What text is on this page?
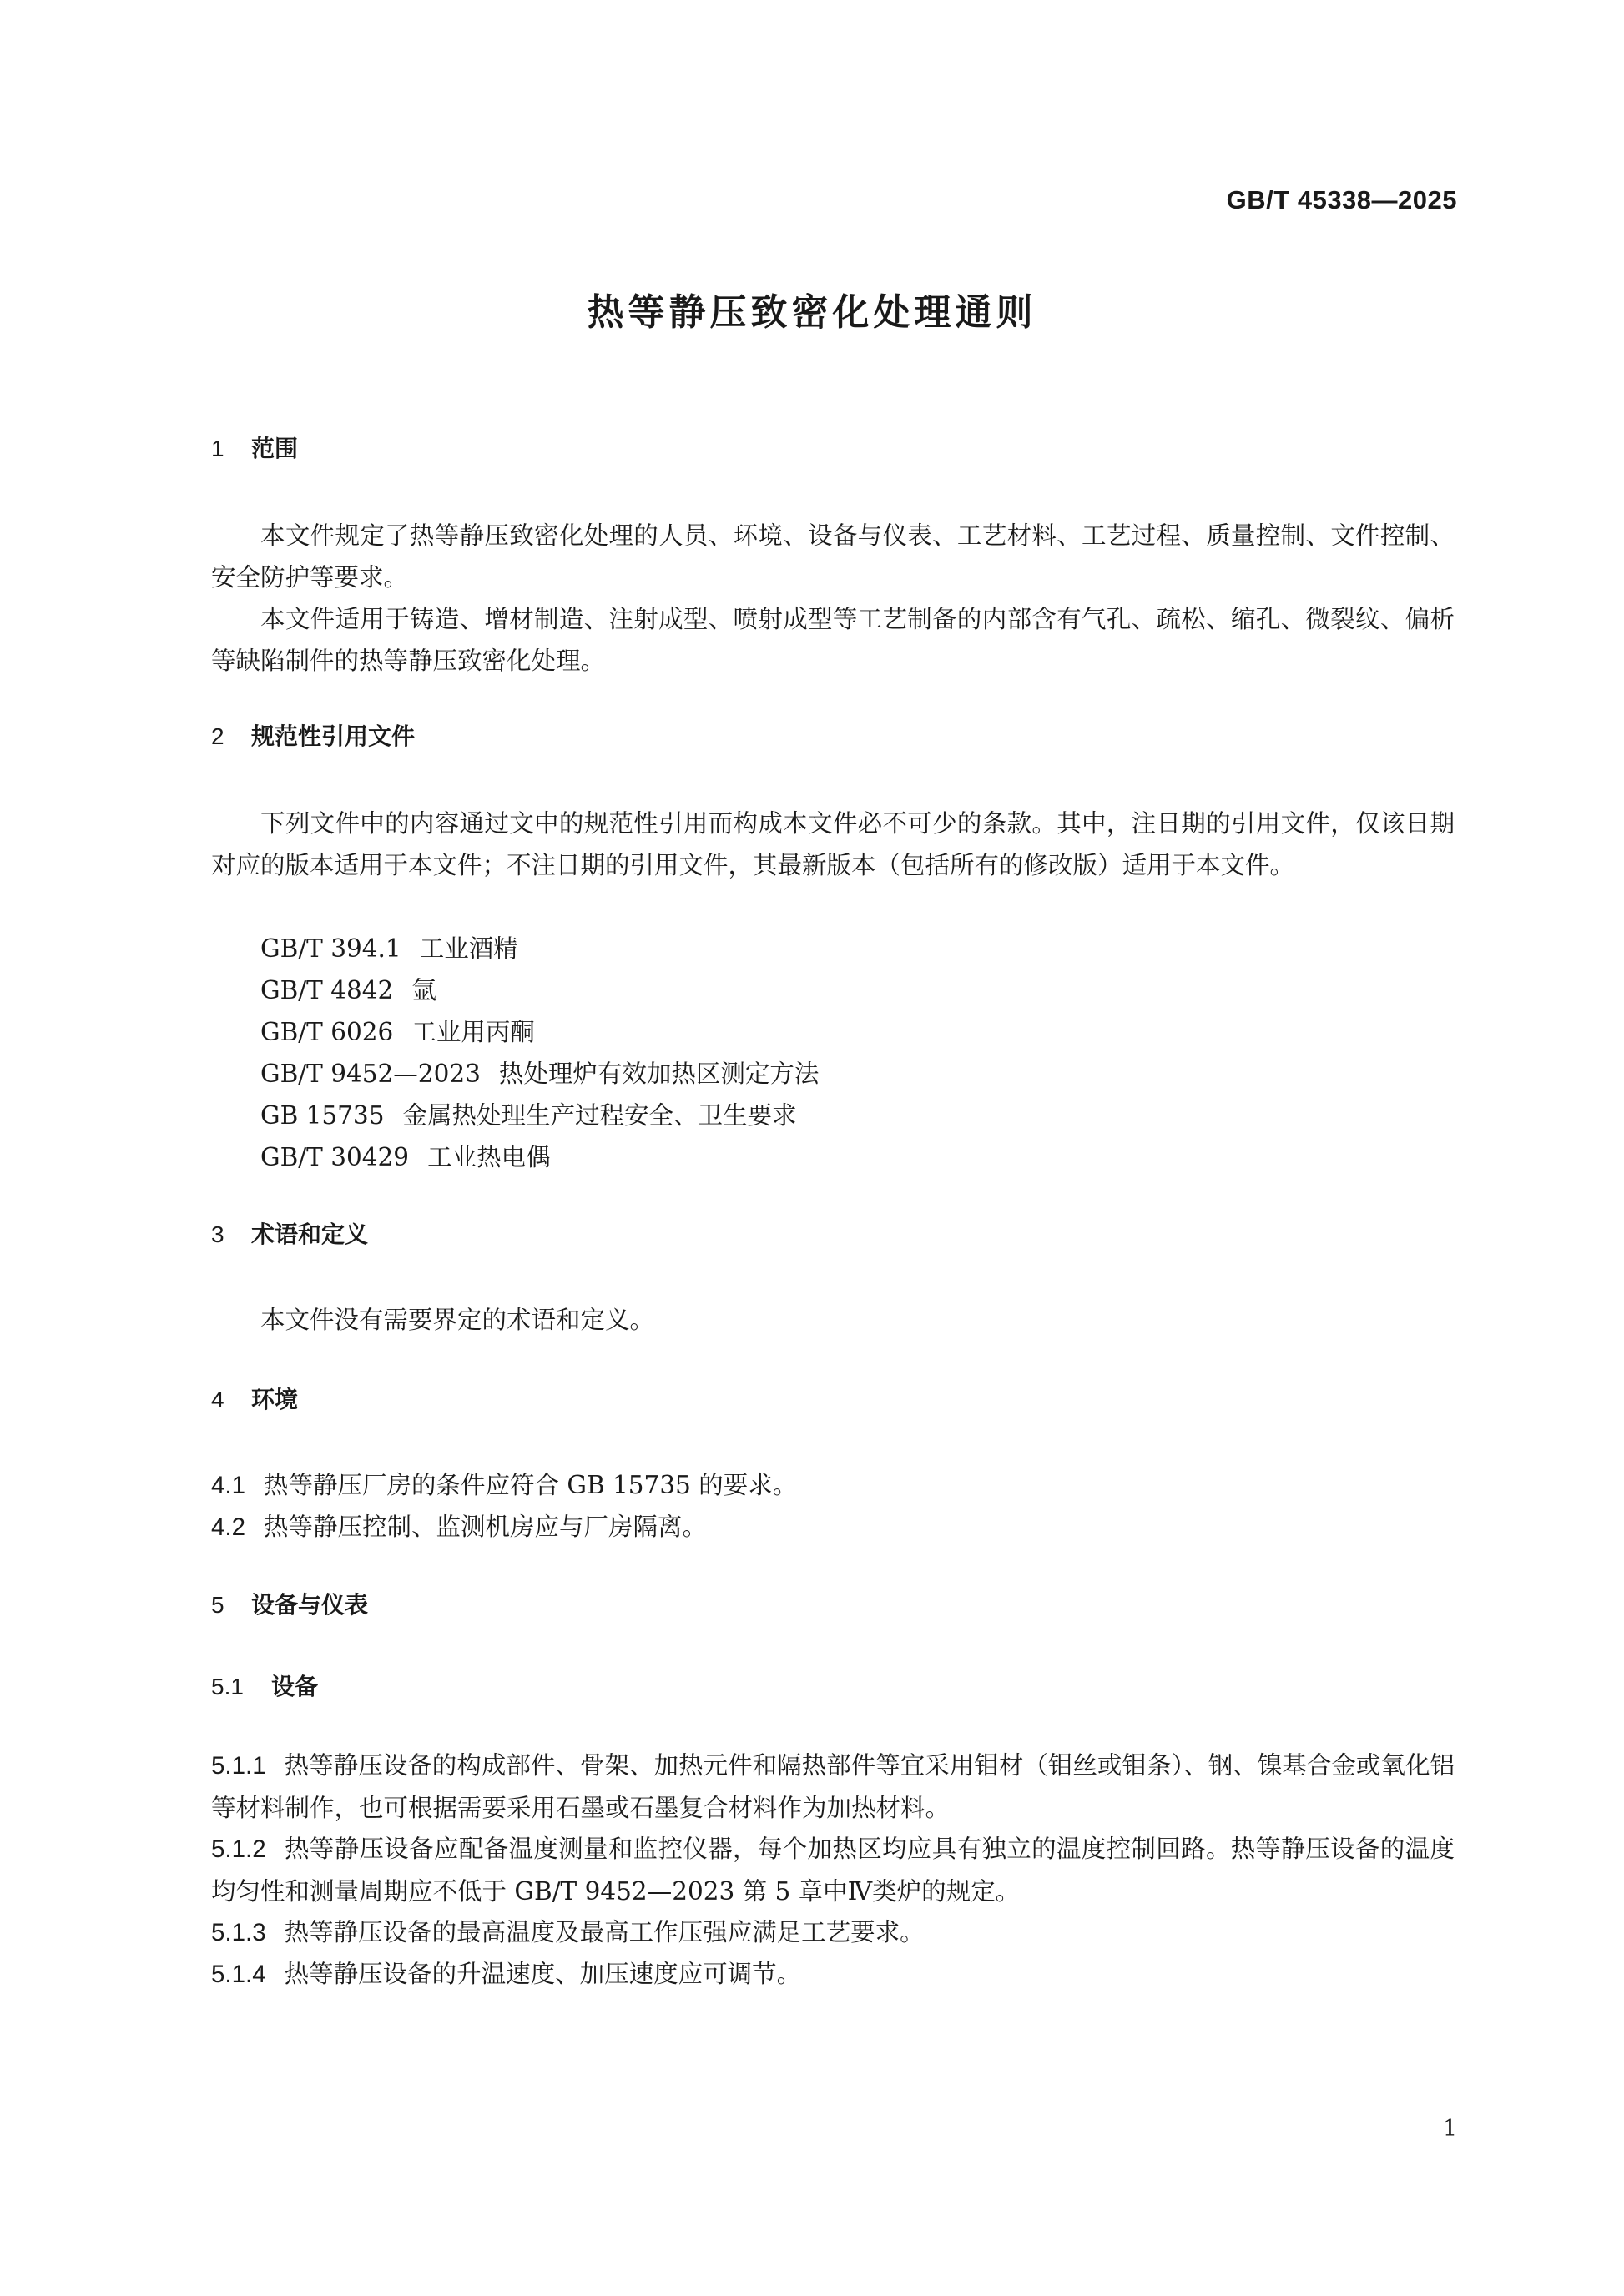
GB/T 45338—2025
热等静压致密化处理通则
1 范围

本文件规定了热等静压致密化处理的人员、环境、设备与仪表、工艺材料、工艺过程、质量控制、文件控制、安全防护等要求。

本文件适用于铸造、增材制造、注射成型、喷射成型等工艺制备的内部含有气孔、疏松、缩孔、微裂纹、偏析等缺陷制件的热等静压致密化处理。

2 规范性引用文件

下列文件中的内容通过文中的规范性引用而构成本文件必不可少的条款。其中，注日期的引用文件，仅该日期对应的版本适用于本文件；不注日期的引用文件，其最新版本（包括所有的修改版）适用于本文件。

GB/T 394.1 工业酒精
GB/T 4842 氩
GB/T 6026 工业用丙酮
GB/T 9452—2023 热处理炉有效加热区测定方法
GB 15735 金属热处理生产过程安全、卫生要求
GB/T 30429 工业热电偶
3 术语和定义

本文件没有需要界定的术语和定义。

4 环境

4.1 热等静压厂房的条件应符合 GB 15735 的要求。

4.2 热等静压控制、监测机房应与厂房隔离。

5 设备与仪表
5.1 设备

5.1.1 热等静压设备的构成部件、骨架、加热元件和隔热部件等宜采用钼材（钼丝或钼条）、钢、镍基合金或氧化铝等材料制作，也可根据需要采用石墨或石墨复合材料作为加热材料。

5.1.2 热等静压设备应配备温度测量和监控仪器，每个加热区均应具有独立的温度控制回路。热等静压设备的温度均匀性和测量周期应不低于 GB/T 9452—2023 第 5 章中Ⅳ类炉的规定。

5.1.3 热等静压设备的最高温度及最高工作压强应满足工艺要求。

5.1.4 热等静压设备的升温速度、加压速度应可调节。

1
